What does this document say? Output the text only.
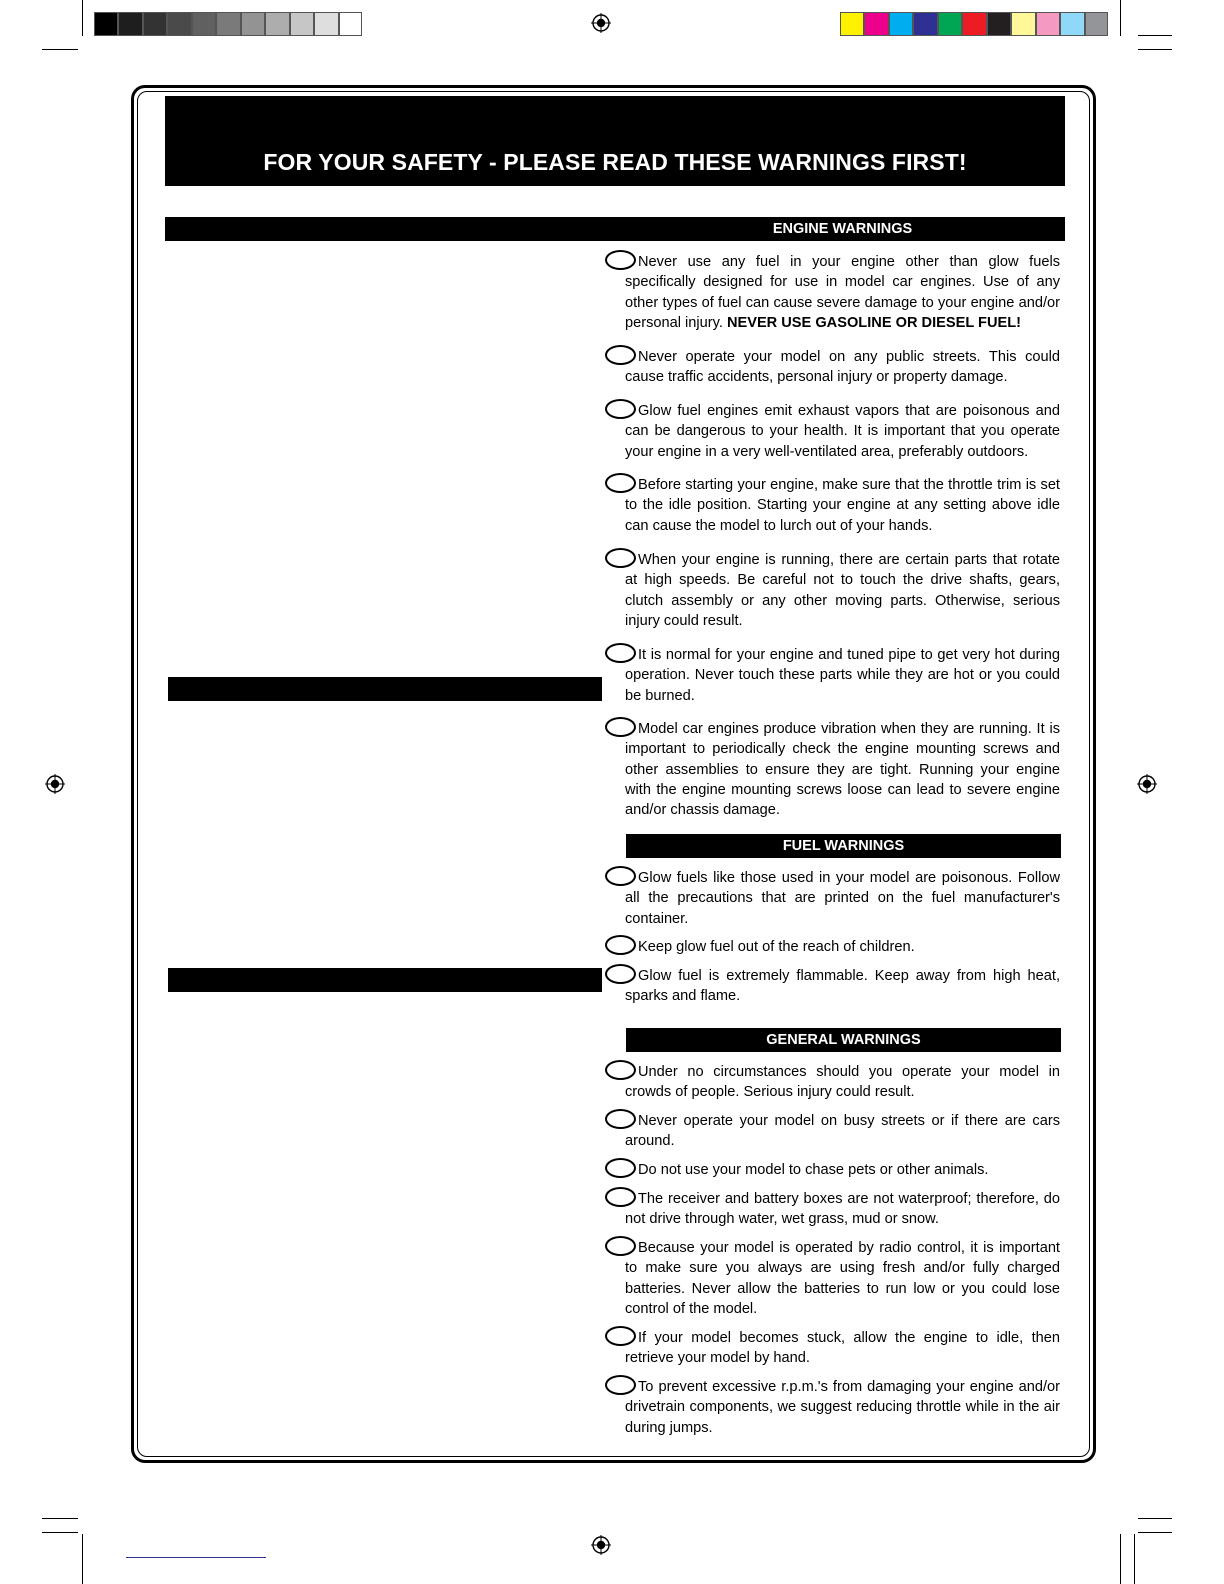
FOR YOUR SAFETY - PLEASE READ THESE WARNINGS FIRST!
ENGINE WARNINGS
Never use any fuel in your engine other than glow fuels specifically designed for use in model car engines. Use of any other types of fuel can cause severe damage to your engine and/or personal injury. NEVER USE GASOLINE OR DIESEL FUEL!
Never operate your model on any public streets. This could cause traffic accidents, personal injury or property damage.
Glow fuel engines emit exhaust vapors that are poisonous and can be dangerous to your health. It is important that you operate your engine in a very well-ventilated area, preferably outdoors.
Before starting your engine, make sure that the throttle trim is set to the idle position. Starting your engine at any setting above idle can cause the model to lurch out of your hands.
When your engine is running, there are certain parts that rotate at high speeds. Be careful not to touch the drive shafts, gears, clutch assembly or any other moving parts. Otherwise, serious injury could result.
It is normal for your engine and tuned pipe to get very hot during operation. Never touch these parts while they are hot or you could be burned.
Model car engines produce vibration when they are running. It is important to periodically check the engine mounting screws and other assemblies to ensure they are tight. Running your engine with the engine mounting screws loose can lead to severe engine and/or chassis damage.
FUEL WARNINGS
Glow fuels like those used in your model are poisonous. Follow all the precautions that are printed on the fuel manufacturer's container.
Keep glow fuel out of the reach of children.
Glow fuel is extremely flammable. Keep away from high heat, sparks and flame.
GENERAL WARNINGS
Under no circumstances should you operate your model in crowds of people. Serious injury could result.
Never operate your model on busy streets or if there are cars around.
Do not use your model to chase pets or other animals.
The receiver and battery boxes are not waterproof; therefore, do not drive through water, wet grass, mud or snow.
Because your model is operated by radio control, it is important to make sure you always are using fresh and/or fully charged batteries. Never allow the batteries to run low or you could lose control of the model.
If your model becomes stuck, allow the engine to idle, then retrieve your model by hand.
To prevent excessive r.p.m.'s from damaging your engine and/or drivetrain components, we suggest reducing throttle while in the air during jumps.
